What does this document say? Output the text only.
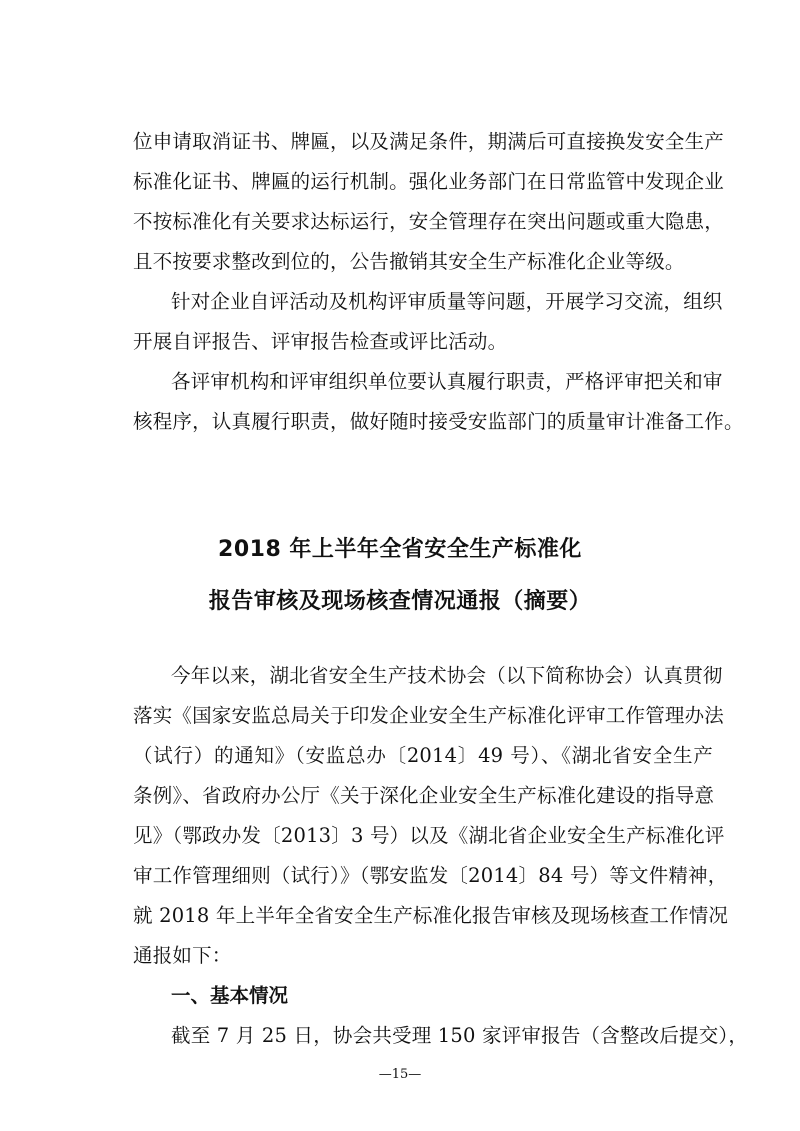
位申请取消证书、牌匾，以及满足条件，期满后可直接换发安全生产
标准化证书、牌匾的运行机制。强化业务部门在日常监管中发现企业
不按标准化有关要求达标运行，安全管理存在突出问题或重大隐患，
且不按要求整改到位的，公告撤销其安全生产标准化企业等级。
针对企业自评活动及机构评审质量等问题，开展学习交流，组织
开展自评报告、评审报告检查或评比活动。
各评审机构和评审组织单位要认真履行职责，严格评审把关和审
核程序，认真履行职责，做好随时接受安监部门的质量审计准备工作。
2018 年上半年全省安全生产标准化
报告审核及现场核查情况通报（摘要）
今年以来，湖北省安全生产技术协会（以下简称协会）认真贯彻
落实《国家安监总局关于印发企业安全生产标准化评审工作管理办法
（试行）的通知》（安监总办〔2014〕49 号）、《湖北省安全生产
条例》、省政府办公厅《关于深化企业安全生产标准化建设的指导意
见》（鄂政办发〔2013〕3 号）以及《湖北省企业安全生产标准化评
审工作管理细则（试行）》（鄂安监发〔2014〕84 号）等文件精神，
就 2018 年上半年全省安全生产标准化报告审核及现场核查工作情况
通报如下：
一、基本情况
截至 7 月 25 日，协会共受理 150 家评审报告（含整改后提交），
—15—
